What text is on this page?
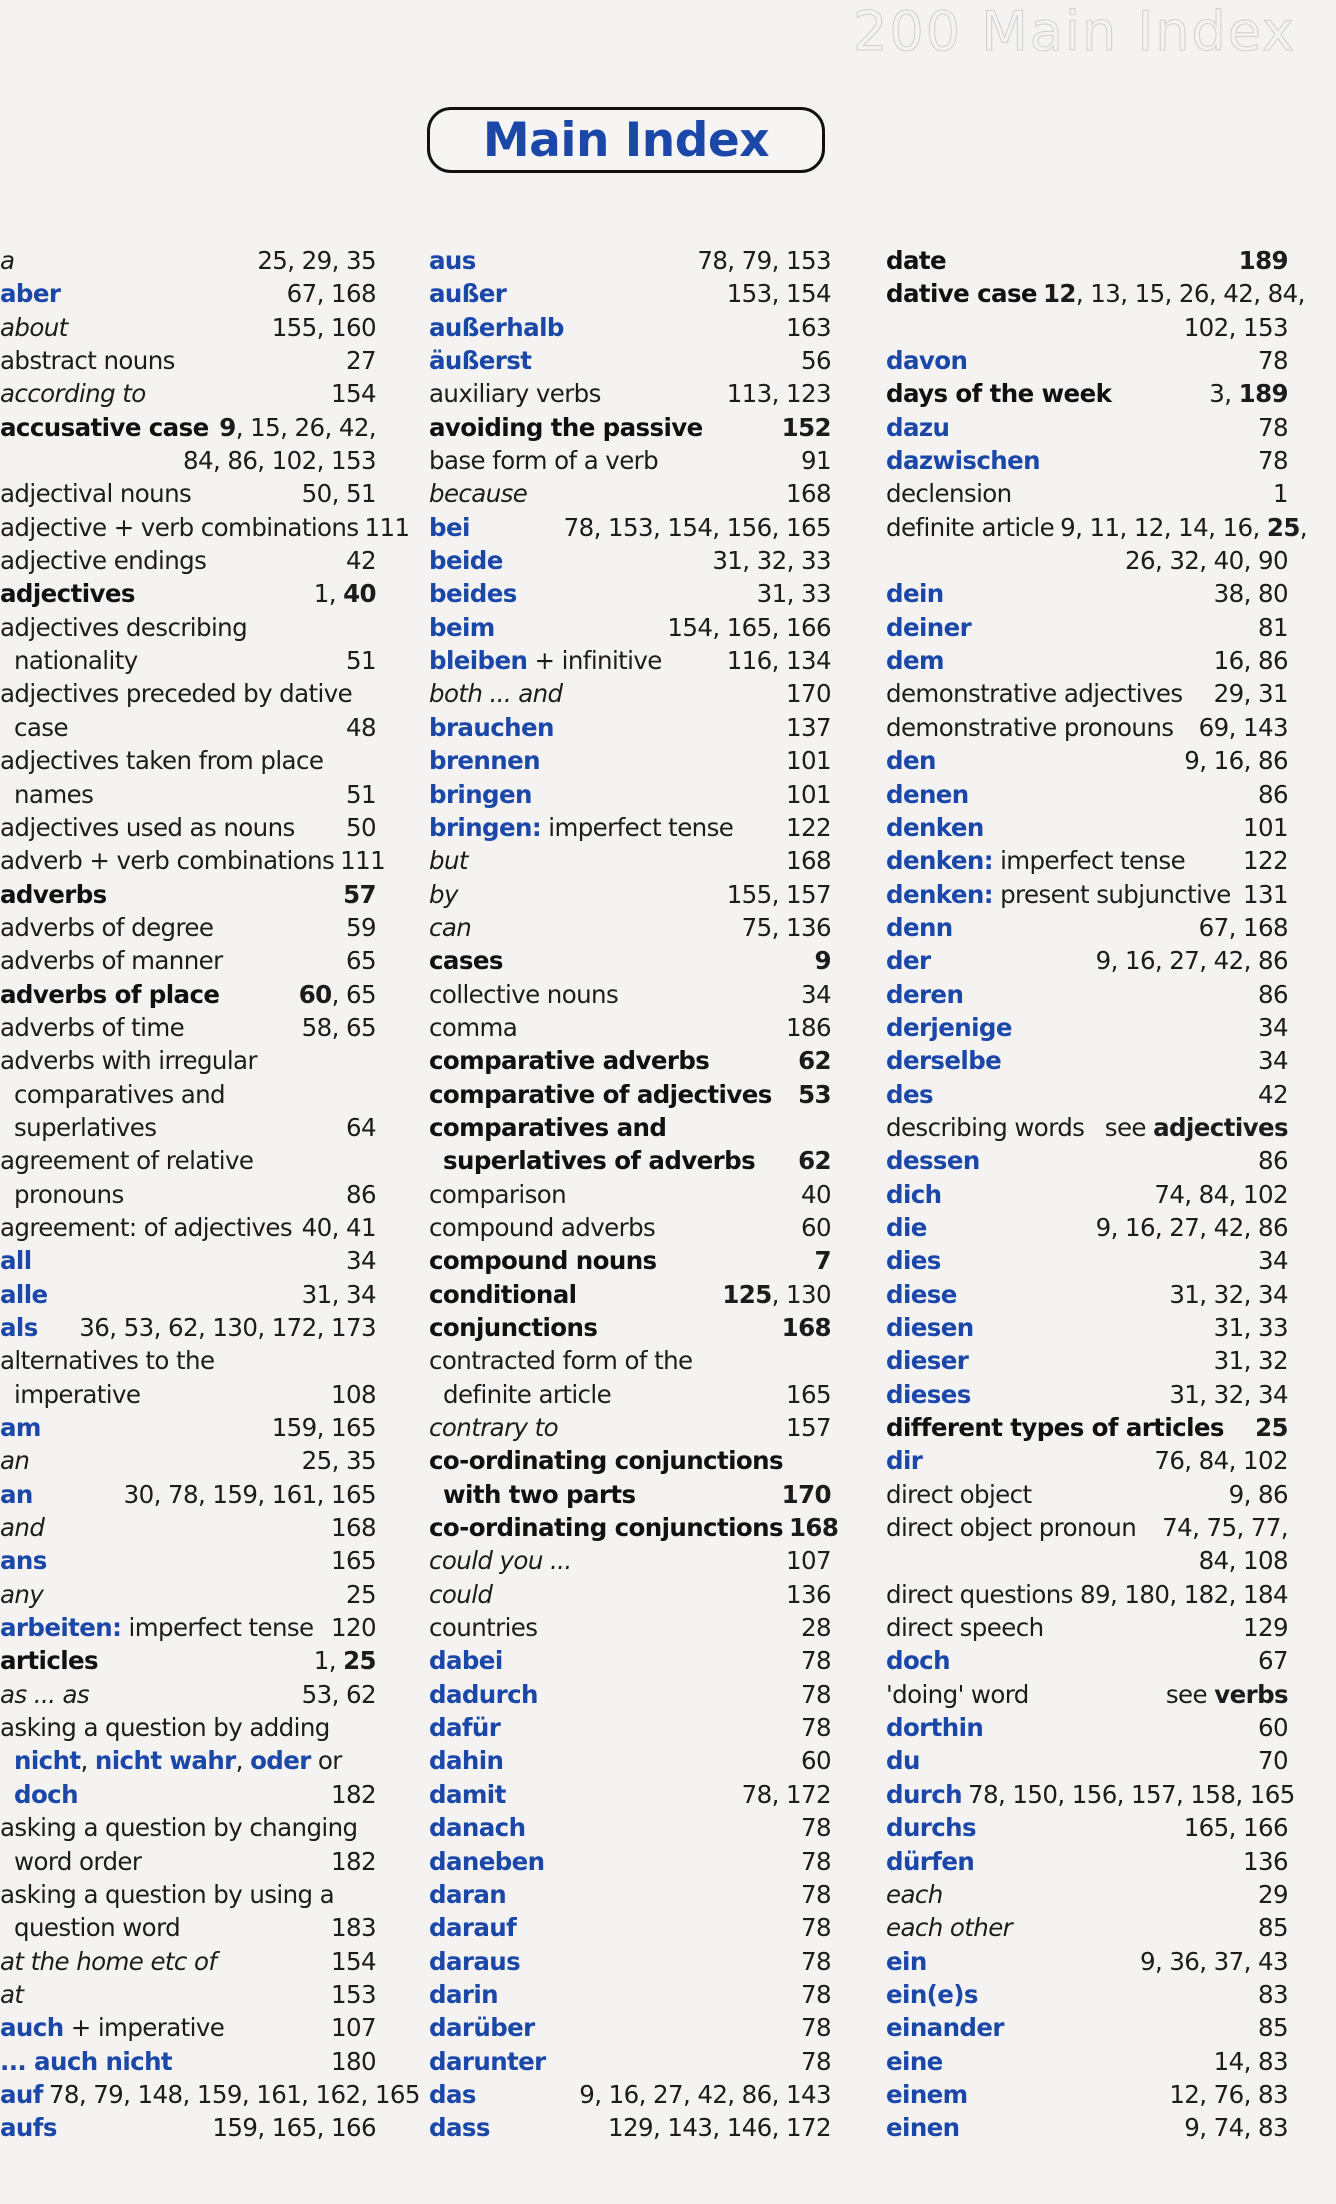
200 Main Index
Main Index
a	25, 29, 35
aber	67, 168
about	155, 160
abstract nouns	27
according to	154
accusative case 9, 15, 26, 42,
84, 86, 102, 153
adjectival nouns	50, 51
adjective + verb combinations 111
adjective endings	42
adjectives	1, 40
adjectives describing
nationality	51
adjectives preceded by dative
case	48
adjectives taken from place
names	51
adjectives used as nouns 50
adverb + verb combinations 111
adverbs	57
adverbs of degree	59
adverbs of manner	65
adverbs of place	60, 65
adverbs of time	58, 65
adverbs with irregular
comparatives and
superlatives	64
agreement of relative
pronouns	86
agreement: of adjectives 40, 41
all	34
alle	31, 34
als 36, 53, 62, 130, 172, 173
alternatives to the
imperative	108
am	159, 165
an	25, 35
an	30, 78, 159, 161, 165
and	168
ans	165
any	25
arbeiten: imperfect tense 120
articles	1, 25
as ... as	53, 62
asking a question by adding
nicht, nicht wahr, oder or
doch	182
asking a question by changing
word order	182
asking a question by using a
question word	183
at the home etc of	154
at	153
auch + imperative	107
... auch nicht	180
auf 78, 79, 148, 159, 161, 162, 165
aufs	159, 165, 166
aus	78, 79, 153
außer	153, 154
außerhalb	163
äußerst	56
auxiliary verbs	113, 123
avoiding the passive	152
base form of a verb	91
because	168
bei	78, 153, 154, 156, 165
beide	31, 32, 33
beides	31, 33
beim	154, 165, 166
bleiben + infinitive	116, 134
both ... and	170
brauchen	137
brennen	101
bringen	101
bringen: imperfect tense 122
but	168
by	155, 157
can	75, 136
cases	9
collective nouns	34
comma	186
comparative adverbs	62
comparative of adjectives 53
comparatives and
superlatives of adverbs 62
comparison	40
compound adverbs	60
compound nouns	7
conditional	125, 130
conjunctions	168
contracted form of the
definite article	165
contrary to	157
co-ordinating conjunctions
with two parts	170
co-ordinating conjunctions 168
could you ...	107
could	136
countries	28
dabei	78
dadurch	78
dafür	78
dahin	60
damit	78, 172
danach	78
daneben	78
daran	78
darauf	78
daraus	78
darin	78
darüber	78
darunter	78
das	9, 16, 27, 42, 86, 143
dass	129, 143, 146, 172
date	189
dative case 12, 13, 15, 26, 42, 84,
102, 153
davon	78
days of the week	3, 189
dazu	78
dazwischen	78
declension	1
definite article 9, 11, 12, 14, 16, 25,
26, 32, 40, 90
dein	38, 80
deiner	81
dem	16, 86
demonstrative adjectives 29, 31
demonstrative pronouns 69, 143
den	9, 16, 86
denen	86
denken	101
denken: imperfect tense 122
denken: present subjunctive 131
denn	67, 168
der	9, 16, 27, 42, 86
deren	86
derjenige	34
derselbe	34
des	42
describing words see adjectives
dessen	86
dich	74, 84, 102
die	9, 16, 27, 42, 86
dies	34
diese	31, 32, 34
diesen	31, 33
dieser	31, 32
dieses	31, 32, 34
different types of articles 25
dir	76, 84, 102
direct object	9, 86
direct object pronoun 74, 75, 77,
84, 108
direct questions 89, 180, 182, 184
direct speech	129
doch	67
'doing' word	see verbs
dorthin	60
du	70
durch 78, 150, 156, 157, 158, 165
durchs	165, 166
dürfen	136
each	29
each other	85
ein	9, 36, 37, 43
ein(e)s	83
einander	85
eine	14, 83
einem	12, 76, 83
einen	9, 74, 83
